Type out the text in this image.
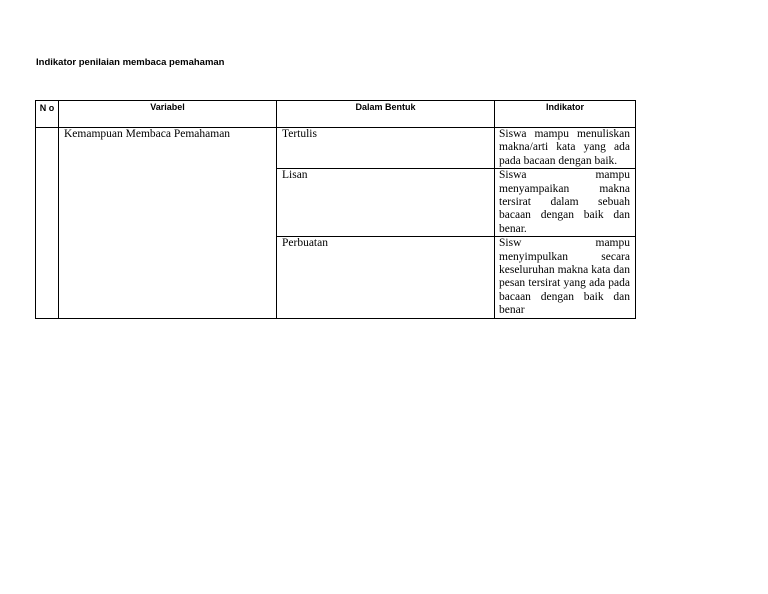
Indikator penilaian membaca pemahaman
N o	Variabel	Dalam Bentuk	Indikator
	Kemampuan Membaca Pemahaman	Tertulis	Siswa mampu menuliskan makna/arti kata yang ada pada bacaan dengan baik.
		Lisan	Siswa mampu menyampaikan makna tersirat dalam sebuah bacaan dengan baik dan benar.
		Perbuatan	Sisw mampu menyimpulkan secara keseluruhan makna kata dan pesan tersirat yang ada pada bacaan dengan baik dan benar
